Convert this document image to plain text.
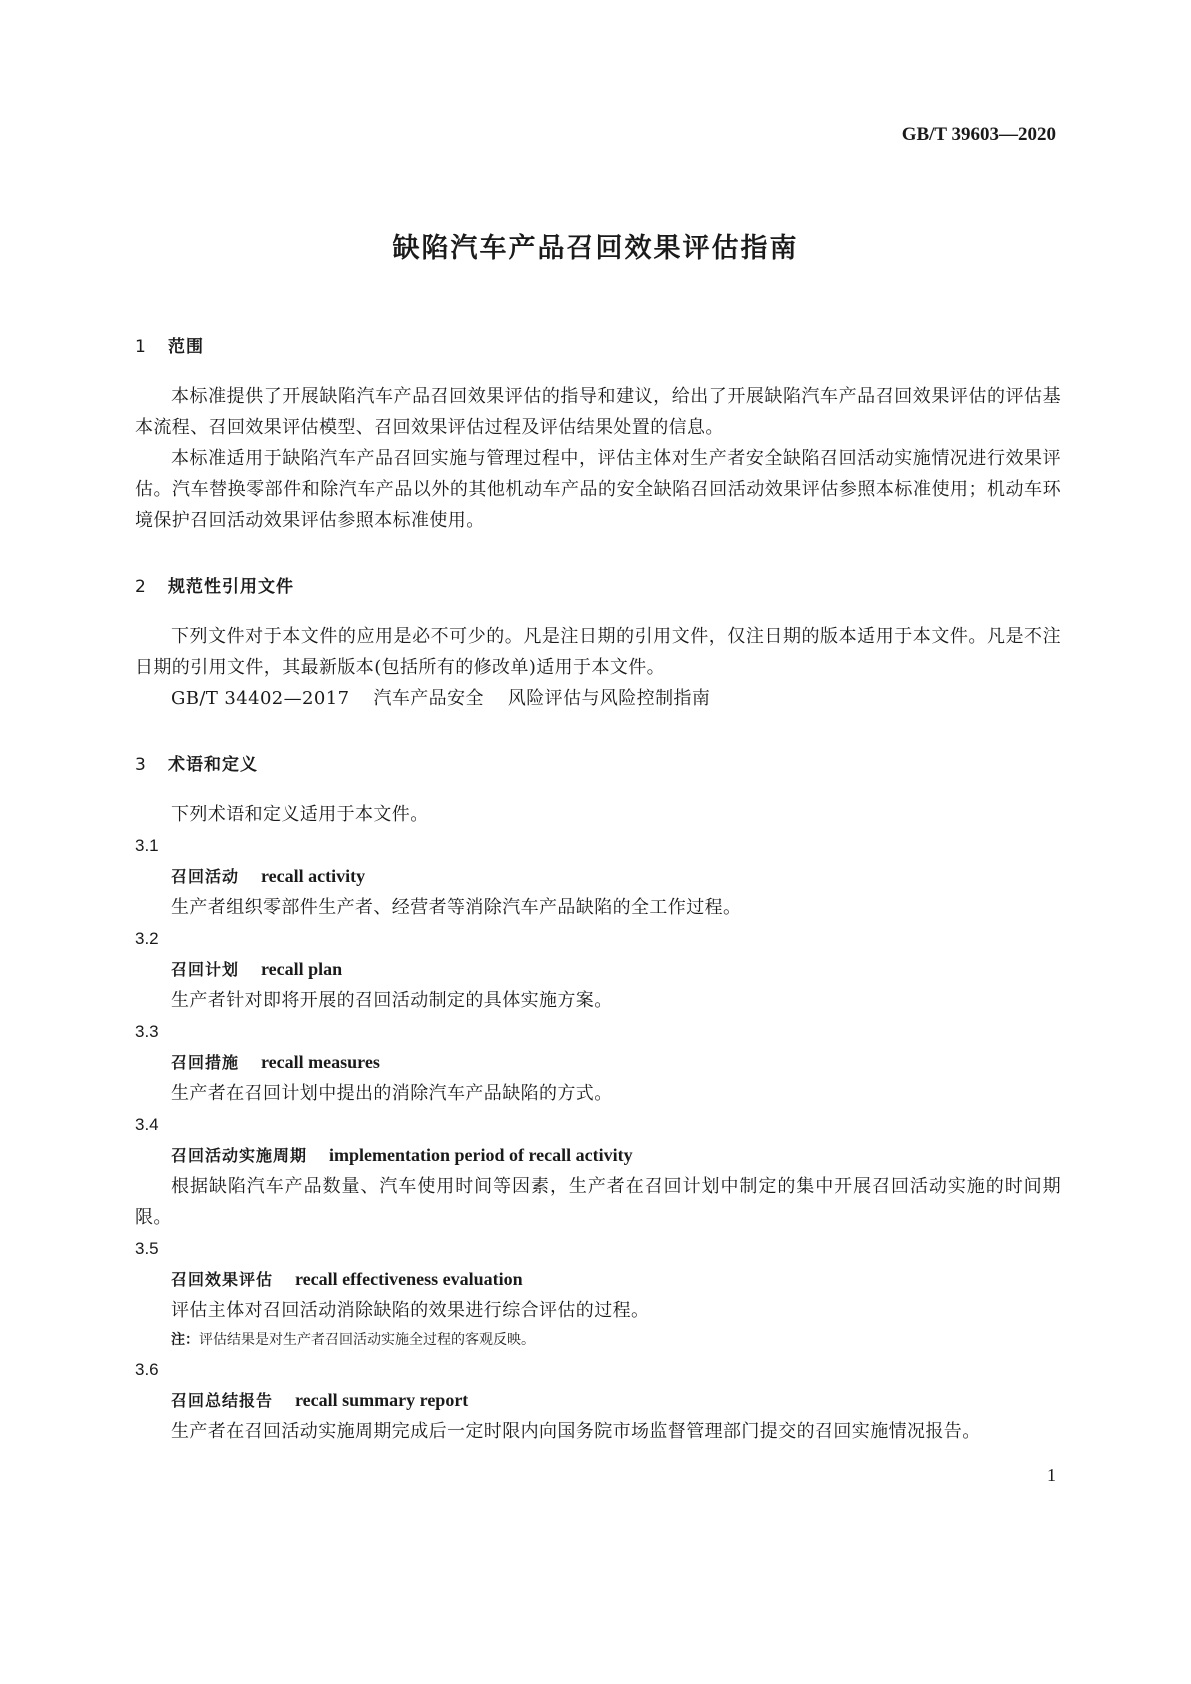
GB/T 39603—2020
缺陷汽车产品召回效果评估指南
1 范围
本标准提供了开展缺陷汽车产品召回效果评估的指导和建议，给出了开展缺陷汽车产品召回效果评估的评估基本流程、召回效果评估模型、召回效果评估过程及评估结果处置的信息。
本标准适用于缺陷汽车产品召回实施与管理过程中，评估主体对生产者安全缺陷召回活动实施情况进行效果评估。汽车替换零部件和除汽车产品以外的其他机动车产品的安全缺陷召回活动效果评估参照本标准使用；机动车环境保护召回活动效果评估参照本标准使用。
2 规范性引用文件
下列文件对于本文件的应用是必不可少的。凡是注日期的引用文件，仅注日期的版本适用于本文件。凡是不注日期的引用文件，其最新版本(包括所有的修改单)适用于本文件。
GB/T 34402—2017 汽车产品安全 风险评估与风险控制指南
3 术语和定义
下列术语和定义适用于本文件。
3.1
召回活动 recall activity
生产者组织零部件生产者、经营者等消除汽车产品缺陷的全工作过程。
3.2
召回计划 recall plan
生产者针对即将开展的召回活动制定的具体实施方案。
3.3
召回措施 recall measures
生产者在召回计划中提出的消除汽车产品缺陷的方式。
3.4
召回活动实施周期 implementation period of recall activity
根据缺陷汽车产品数量、汽车使用时间等因素，生产者在召回计划中制定的集中开展召回活动实施的时间期限。
3.5
召回效果评估 recall effectiveness evaluation
评估主体对召回活动消除缺陷的效果进行综合评估的过程。
注：评估结果是对生产者召回活动实施全过程的客观反映。
3.6
召回总结报告 recall summary report
生产者在召回活动实施周期完成后一定时限内向国务院市场监督管理部门提交的召回实施情况报告。
1
